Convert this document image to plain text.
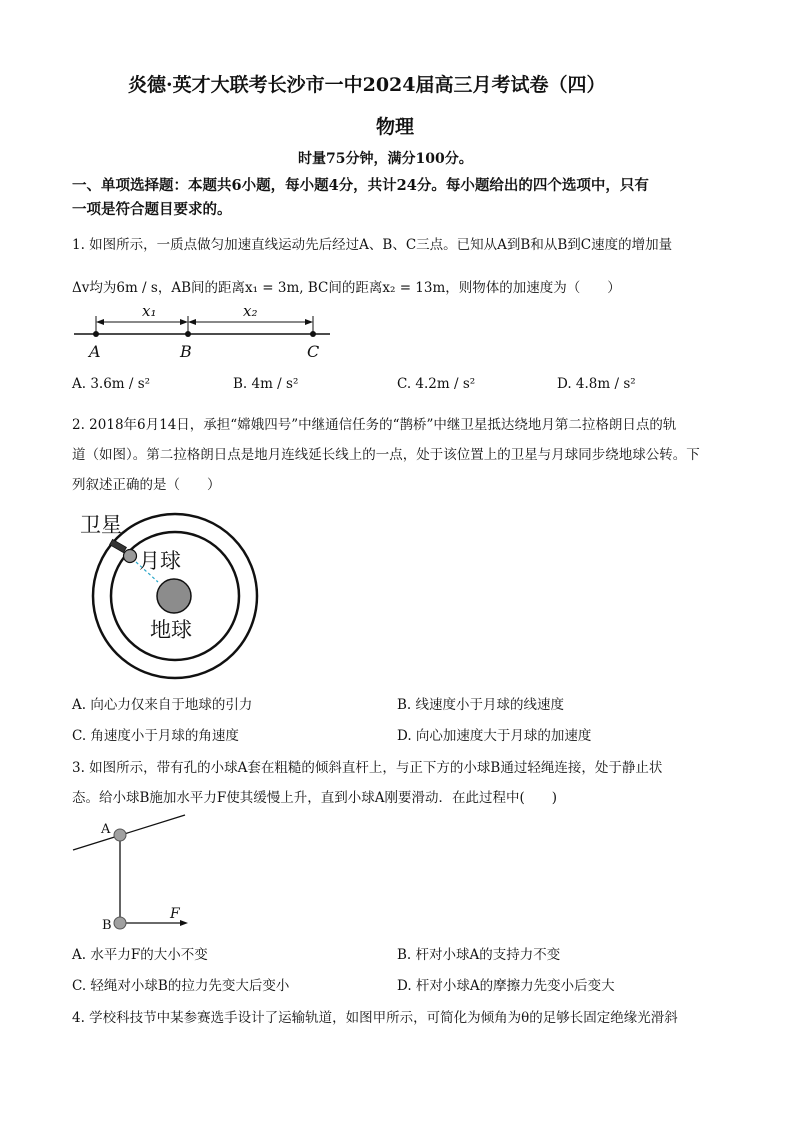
炎德·英才大联考长沙市一中2024届高三月考试卷（四）
物理
时量75分钟，满分100分。
一、单项选择题：本题共6小题，每小题4分，共计24分。每小题给出的四个选项中，只有
一项是符合题目要求的。
1. 如图所示，一质点做匀加速直线运动先后经过A、B、C三点。已知从A到B和从B到C速度的增加量
Δv均为6m / s，AB间的距离x₁ = 3m, BC间的距离x₂ = 13m，则物体的加速度为（　　）
x₁	x₂
A	B	C
A. 3.6m / s²	B. 4m / s²	C. 4.2m / s²	D. 4.8m / s²
2. 2018年6月14日，承担“嫦娥四号”中继通信任务的“鹊桥”中继卫星抵达绕地月第二拉格朗日点的轨
道（如图）。第二拉格朗日点是地月连线延长线上的一点，处于该位置上的卫星与月球同步绕地球公转。下
列叙述正确的是（　　）
卫星
月球
地球
A. 向心力仅来自于地球的引力	B. 线速度小于月球的线速度
C. 角速度小于月球的角速度	D. 向心加速度大于月球的加速度
3. 如图所示，带有孔的小球A套在粗糙的倾斜直杆上，与正下方的小球B通过轻绳连接，处于静止状
态。给小球B施加水平力F使其缓慢上升，直到小球A刚要滑动．在此过程中(　　)
A
B
F
A. 水平力F的大小不变	B. 杆对小球A的支持力不变
C. 轻绳对小球B的拉力先变大后变小	D. 杆对小球A的摩擦力先变小后变大
4. 学校科技节中某参赛选手设计了运输轨道，如图甲所示，可简化为倾角为θ的足够长固定绝缘光滑斜
